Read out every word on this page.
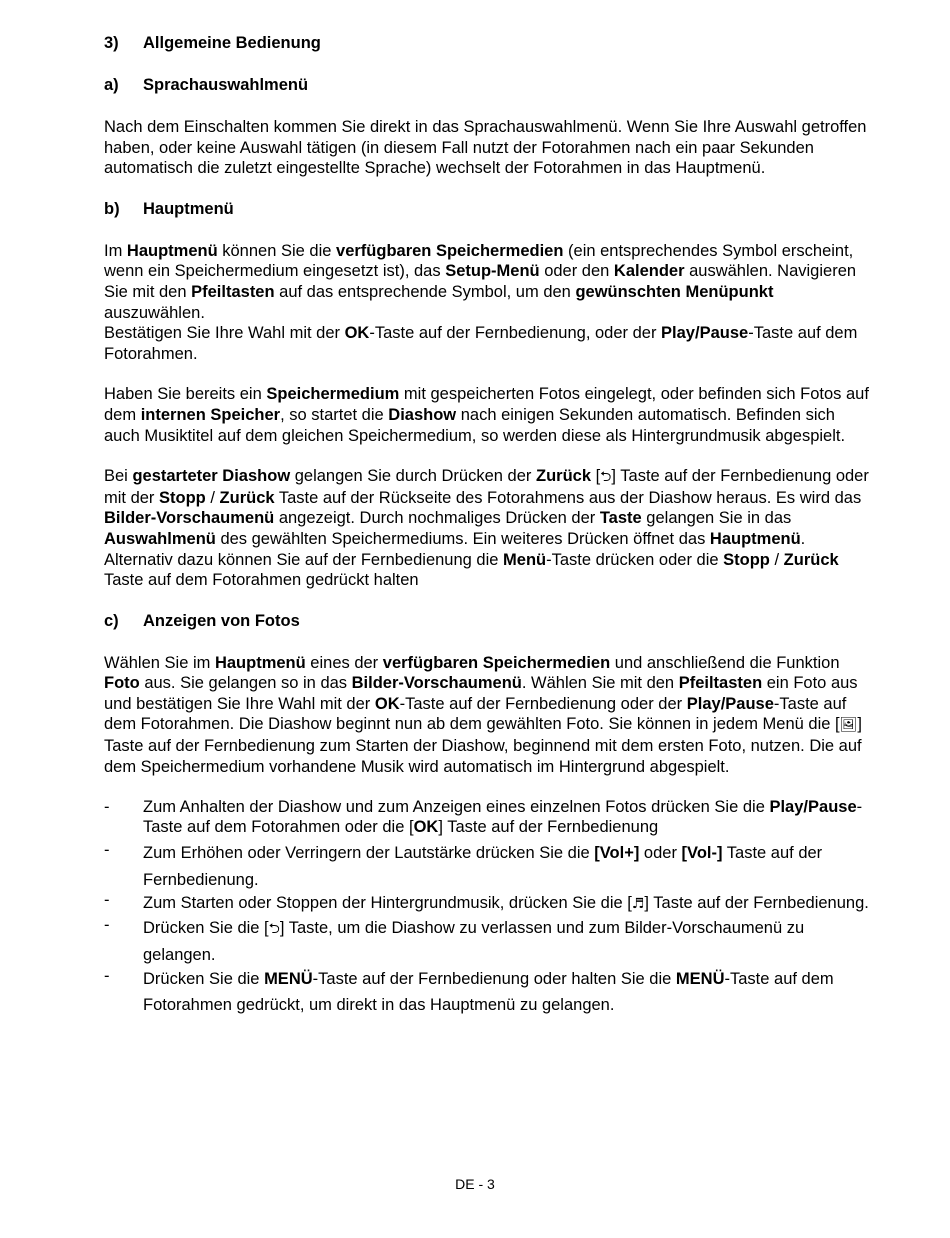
3)	Allgemeine Bedienung
a)	Sprachauswahlmenü

Nach dem Einschalten kommen Sie direkt in das Sprachauswahlmenü. Wenn Sie Ihre Auswahl getroffen haben, oder keine Auswahl tätigen (in diesem Fall nutzt der Fotorahmen nach ein paar Sekunden automatisch die zuletzt eingestellte Sprache) wechselt der Fotorahmen in das Hauptmenü.

b)	Hauptmenü

Im Hauptmenü können Sie die verfügbaren Speichermedien (ein entsprechendes Symbol erscheint, wenn ein Speichermedium eingesetzt ist), das Setup-Menü oder den Kalender auswählen. Navigieren Sie mit den Pfeiltasten auf das entsprechende Symbol, um den gewünschten Menüpunkt auszuwählen.
Bestätigen Sie Ihre Wahl mit der OK-Taste auf der Fernbedienung, oder der Play/Pause-Taste auf dem Fotorahmen.

Haben Sie bereits ein Speichermedium mit gespeicherten Fotos eingelegt, oder befinden sich Fotos auf dem internen Speicher, so startet die Diashow nach einigen Sekunden automatisch. Befinden sich auch Musiktitel auf dem gleichen Speichermedium, so werden diese als Hintergrundmusik abgespielt.

Bei gestarteter Diashow gelangen Sie durch Drücken der Zurück [⮌] Taste auf der Fernbedienung oder mit der Stopp / Zurück Taste auf der Rückseite des Fotorahmens aus der Diashow heraus. Es wird das Bilder-Vorschaumenü angezeigt. Durch nochmaliges Drücken der Taste gelangen Sie in das Auswahlmenü des gewählten Speichermediums. Ein weiteres Drücken öffnet das Hauptmenü. Alternativ dazu können Sie auf der Fernbedienung die Menü-Taste drücken oder die Stopp / Zurück Taste auf dem Fotorahmen gedrückt halten

c)	Anzeigen von Fotos

Wählen Sie im Hauptmenü eines der verfügbaren Speichermedien und anschließend die Funktion Foto aus. Sie gelangen so in das Bilder-Vorschaumenü. Wählen Sie mit den Pfeiltasten ein Foto aus und bestätigen Sie Ihre Wahl mit der OK-Taste auf der Fernbedienung oder der Play/Pause-Taste auf dem Fotorahmen. Die Diashow beginnt nun ab dem gewählten Foto. Sie können in jedem Menü die [🖼] Taste auf der Fernbedienung zum Starten der Diashow, beginnend mit dem ersten Foto, nutzen. Die auf dem Speichermedium vorhandene Musik wird automatisch im Hintergrund abgespielt.

-	Zum Anhalten der Diashow und zum Anzeigen eines einzelnen Fotos drücken Sie die Play/Pause-Taste auf dem Fotorahmen oder die [OK] Taste auf der Fernbedienung
-	Zum Erhöhen oder Verringern der Lautstärke drücken Sie die [Vol+] oder [Vol-] Taste auf der Fernbedienung.
-	Zum Starten oder Stoppen der Hintergrundmusik, drücken Sie die [♬] Taste auf der Fernbedienung.
-	Drücken Sie die [⮌] Taste, um die Diashow zu verlassen und zum Bilder-Vorschaumenü zu gelangen.
-	Drücken Sie die MENÜ-Taste auf der Fernbedienung oder halten Sie die MENÜ-Taste auf dem Fotorahmen gedrückt, um direkt in das Hauptmenü zu gelangen.
DE - 3
